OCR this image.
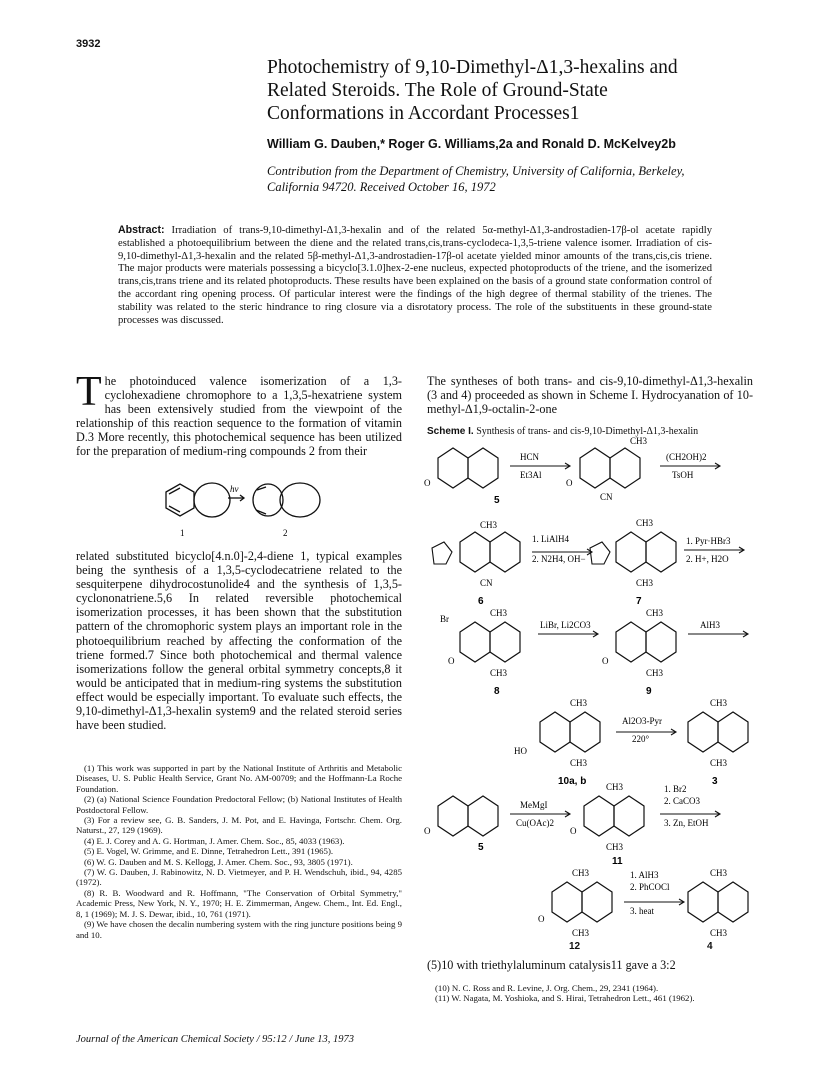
3932
Photochemistry of 9,10-Dimethyl-Δ1,3-hexalins and Related Steroids. The Role of Ground-State Conformations in Accordant Processes1
William G. Dauben,* Roger G. Williams,2a and Ronald D. McKelvey2b
Contribution from the Department of Chemistry, University of California, Berkeley, California 94720. Received October 16, 1972
Abstract: Irradiation of trans-9,10-dimethyl-Δ1,3-hexalin and of the related 5α-methyl-Δ1,3-androstadien-17β-ol acetate rapidly established a photoequilibrium between the diene and the related trans,cis,trans-cyclodeca-1,3,5-triene valence isomer. Irradiation of cis-9,10-dimethyl-Δ1,3-hexalin and the related 5β-methyl-Δ1,3-androstadien-17β-ol acetate yielded minor amounts of the trans,cis,cis triene. The major products were materials possessing a bicyclo[3.1.0]hex-2-ene nucleus, expected photoproducts of the triene, and the isomerized trans,cis,trans triene and its related photoproducts. These results have been explained on the basis of a ground state conformation control of the accordant ring opening process. Of particular interest were the findings of the high degree of thermal stability of the trienes. The stability was related to the steric hindrance to ring closure via a disrotatory process. The role of the substituents in these ground-state processes was discussed.
The photoinduced valence isomerization of a 1,3-cyclohexadiene chromophore to a 1,3,5-hexatriene system has been extensively studied from the viewpoint of the relationship of this reaction sequence to the formation of vitamin D.3 More recently, this photochemical sequence has been utilized for the preparation of medium-ring compounds 2 from their
hν
1	2
related substituted bicyclo[4.n.0]-2,4-diene 1, typical examples being the synthesis of a 1,3,5-cyclodecatriene related to the sesquiterpene dihydrocostunolide4 and the synthesis of 1,3,5-cyclononatriene.5,6 In related reversible photochemical isomerization processes, it has been shown that the substitution pattern of the chromophoric system plays an important role in the photoequilibrium reached by affecting the conformation of the triene formed.7 Since both photochemical and thermal valence isomerizations follow the general orbital symmetry concepts,8 it would be anticipated that in medium-ring systems the substitution effect would be especially important. To evaluate such effects, the 9,10-dimethyl-Δ1,3-hexalin system9 and the related steroid series have been studied.

(1) This work was supported in part by the National Institute of Arthritis and Metabolic Diseases, U. S. Public Health Service, Grant No. AM-00709; and the Hoffmann-La Roche Foundation.

(2) (a) National Science Foundation Predoctoral Fellow; (b) National Institutes of Health Postdoctoral Fellow.

(3) For a review see, G. B. Sanders, J. M. Pot, and E. Havinga, Fortschr. Chem. Org. Naturst., 27, 129 (1969).

(4) E. J. Corey and A. G. Hortman, J. Amer. Chem. Soc., 85, 4033 (1963).

(5) E. Vogel, W. Grimme, and E. Dinne, Tetrahedron Lett., 391 (1965).

(6) W. G. Dauben and M. S. Kellogg, J. Amer. Chem. Soc., 93, 3805 (1971).

(7) W. G. Dauben, J. Rabinowitz, N. D. Vietmeyer, and P. H. Wendschuh, ibid., 94, 4285 (1972).

(8) R. B. Woodward and R. Hoffmann, "The Conservation of Orbital Symmetry," Academic Press, New York, N. Y., 1970; H. E. Zimmerman, Angew. Chem., Int. Ed. Engl., 8, 1 (1969); M. J. S. Dewar, ibid., 10, 761 (1971).

(9) We have chosen the decalin numbering system with the ring juncture positions being 9 and 10.

The syntheses of both trans- and cis-9,10-dimethyl-Δ1,3-hexalin (3 and 4) proceeded as shown in Scheme I. Hydrocyanation of 10-methyl-Δ1,9-octalin-2-one
Scheme I. Synthesis of trans- and cis-9,10-Dimethyl-Δ1,3-hexalin
O
5
HCN
Et3Al
O
CN
(CH2OH)2
TsOH
CH3
CH3
CN
6
1. LiAlH4
2. N2H4, OH−
CH3
CH3
7
1. Pyr·HBr3
2. H+, H2O
Br
CH3
CH3
O
8
LiBr, Li2CO3
CH3
CH3
O
9
AlH3
CH3
CH3
HO
10a, b
Al2O3-Pyr
220°
CH3
CH3
3
O
5
MeMgI
Cu(OAc)2
CH3
CH3
O
11
1. Br2
2. CaCO3
3. Zn, EtOH
CH3
CH3
O
1. AlH3
2. PhCOCl
3. heat
CH3
CH3
12	4
(5)10 with triethylaluminum catalysis11 gave a 3:2

(10) N. C. Ross and R. Levine, J. Org. Chem., 29, 2341 (1964).

(11) W. Nagata, M. Yoshioka, and S. Hirai, Tetrahedron Lett., 461 (1962).

Journal of the American Chemical Society / 95:12 / June 13, 1973
